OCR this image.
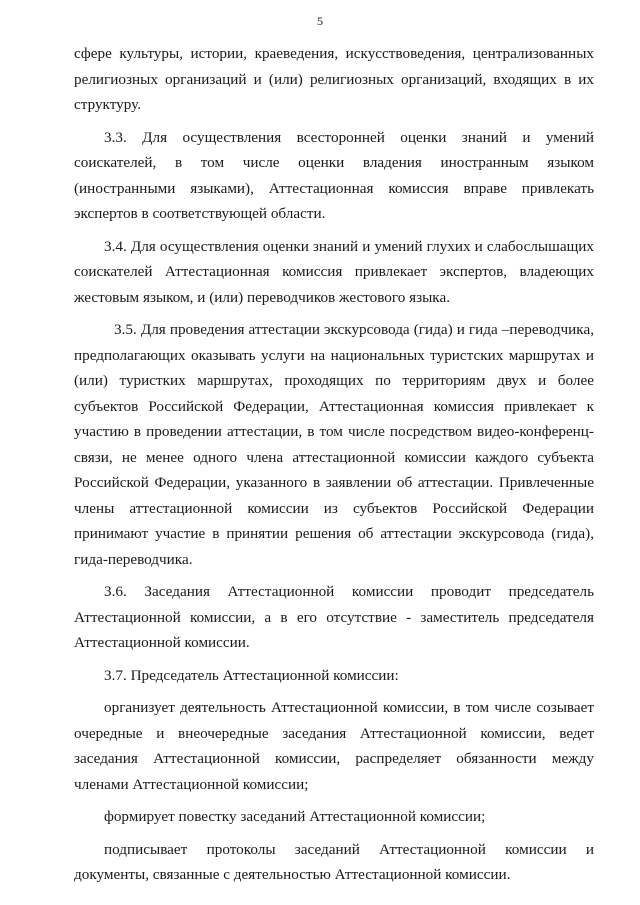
5

сфере культуры, истории, краеведения, искусствоведения, централизованных религиозных организаций и (или) религиозных организаций, входящих в их структуру.

3.3. Для осуществления всесторонней оценки знаний и умений соискателей, в том числе оценки владения иностранным языком (иностранными языками), Аттестационная комиссия вправе привлекать экспертов в соответствующей области.

3.4. Для осуществления оценки знаний и умений глухих и слабослышащих соискателей Аттестационная комиссия привлекает экспертов, владеющих жестовым языком, и (или) переводчиков жестового языка.

3.5. Для проведения аттестации экскурсовода (гида) и гида –переводчика, предполагающих оказывать услуги на национальных туристских маршрутах и (или) туристких маршрутах, проходящих по территориям двух и более субъектов Российской Федерации, Аттестационная комиссия привлекает к участию в проведении аттестации, в том числе посредством видео-конференц-связи, не менее одного члена аттестационной комиссии каждого субъекта Российской Федерации, указанного в заявлении об аттестации. Привлеченные члены аттестационной комиссии из субъектов Российской Федерации принимают участие в принятии решения об аттестации экскурсовода (гида), гида-переводчика.

3.6. Заседания Аттестационной комиссии проводит председатель Аттестационной комиссии, а в его отсутствие - заместитель председателя Аттестационной комиссии.

3.7. Председатель Аттестационной комиссии:

организует деятельность Аттестационной комиссии, в том числе созывает очередные и внеочередные заседания Аттестационной комиссии, ведет заседания Аттестационной комиссии, распределяет обязанности между членами Аттестационной комиссии;

формирует повестку заседаний Аттестационной комиссии;

подписывает протоколы заседаний Аттестационной комиссии и документы, связанные с деятельностью Аттестационной комиссии.
